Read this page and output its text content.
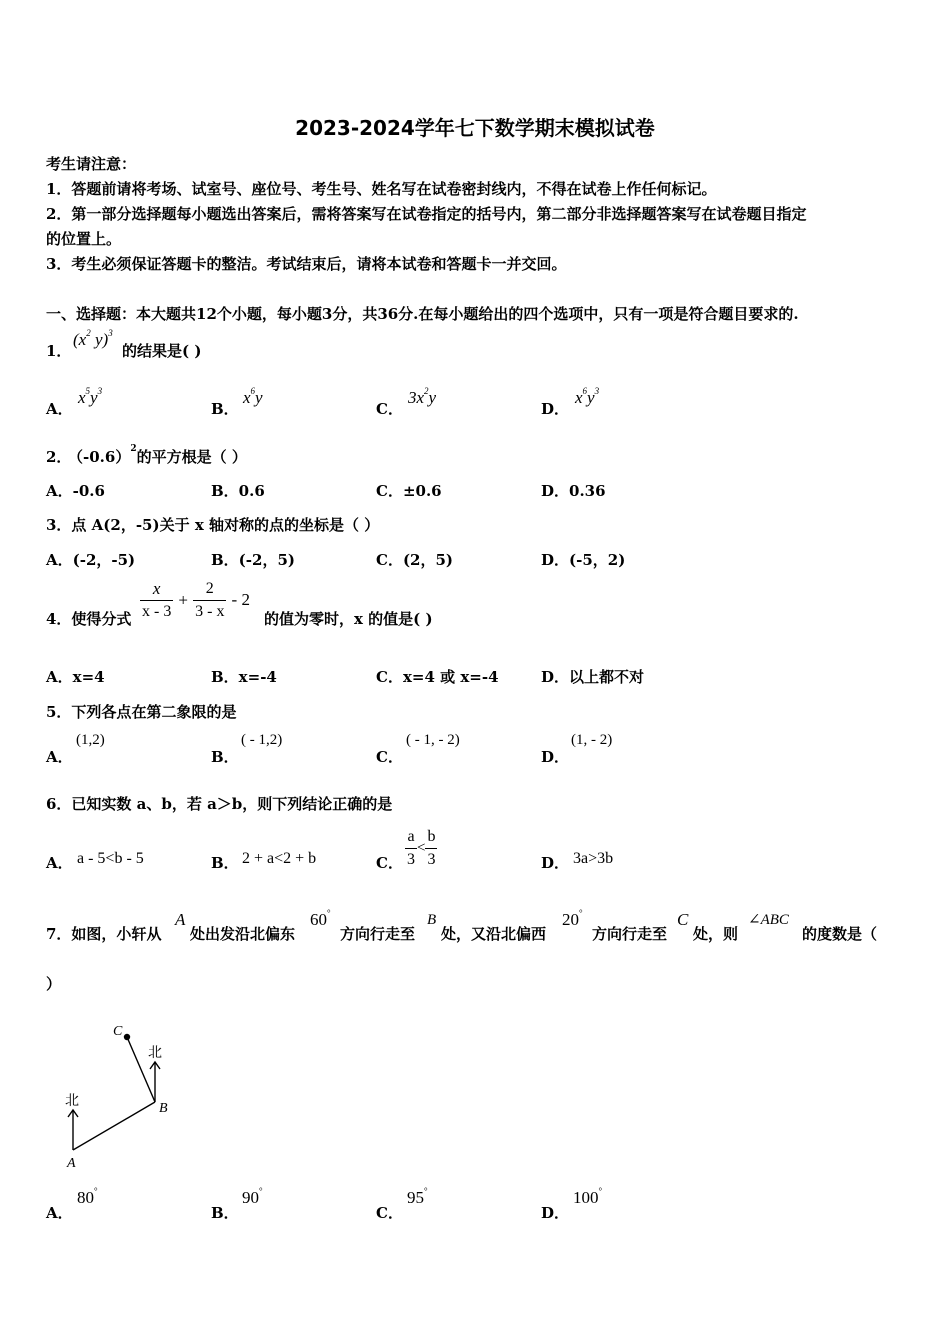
2023-2024学年七下数学期末模拟试卷
考生请注意：
1．答题前请将考场、试室号、座位号、考生号、姓名写在试卷密封线内，不得在试卷上作任何标记。
2．第一部分选择题每小题选出答案后，需将答案写在试卷指定的括号内，第二部分非选择题答案写在试卷题目指定
的位置上。
3．考生必须保证答题卡的整洁。考试结束后，请将本试卷和答题卡一并交回。
一、选择题：本大题共12个小题，每小题3分，共36分.在每小题给出的四个选项中，只有一项是符合题目要求的.
1．
($x^2$ y)$^3$
的结果是( )
A．
$x^5y^3$
B．
$x^6y$
C．
$3x^2y$
D．
$x^6y^3$
2．
$(-0.6)^2$的平方根是（ ）
A．-0.6	B．0.6	C．±0.6	D．0.36
3．点 A(2，-5)关于 x 轴对称的点的坐标是（ ）
A．(-2，-5)	B．(-2，5)	C．(2，5)	D．(-5，2)
4．使得分式 $\frac{x}{x - 3} + \frac{2}{3 - x} - 2$
的值为零时，x 的值是( )
A．x=4	B．x=-4	C．x=4 或 x=-4	D．以上都不对
5．下列各点在第二象限的是
A．
(1,2)
B．
( - 1,2)
C．
( - 1, - 2)
D．
(1, - 2)
6．已知实数 a、b，若 a＞b，则下列结论正确的是
A． a - 5<b - 5	B． 2 + a<2 + b	C． $\frac{a}{3} < \frac{b}{3}$	D． 3a>3b
7．如图，小轩从
A
处出发沿北偏东
60°
方向行走至
B
处，又沿北偏西
20°
方向行走至
C
处，则
∠ABC
的度数是（
）
北
北
A
B
C
A．
80°
B．
90°
C．
95°
D．
100°
